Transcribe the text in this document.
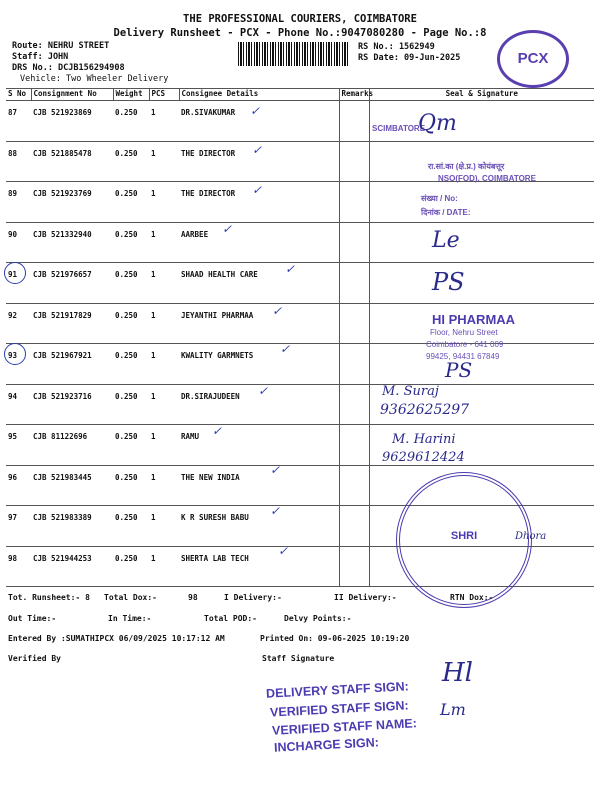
THE PROFESSIONAL COURIERS, COIMBATORE
Delivery Runsheet - PCX - Phone No.:9047080280 - Page No.:8
Route: NEHRU STREET
Staff: JOHN
DRS No.: DCJB156294908
Vehicle: Two Wheeler Delivery
RS No.: 1562949
RS Date: 09-Jun-2025	PCX
S No	Consignment No	Weight	PCS	Consignee Details	Remarks	Seal & Signature
87	CJB 521923869	0.250	1	DR.SIVAKUMAR		
88	CJB 521885478	0.250	1	THE DIRECTOR		
89	CJB 521923769	0.250	1	THE DIRECTOR		
90	CJB 521332940	0.250	1	AARBEE		
91	CJB 521976657	0.250	1	SHAAD HEALTH CARE		
92	CJB 521917829	0.250	1	JEYANTHI PHARMAA		
93	CJB 521967921	0.250	1	KWALITY GARMNETS		
94	CJB 521923716	0.250	1	DR.SIRAJUDEEN		
95	CJB 81122696	0.250	1	RAMU		
96	CJB 521983445	0.250	1	THE NEW INDIA		
97	CJB 521983389	0.250	1	K R SURESH BABU		
98	CJB 521944253	0.250	1	SHERTA LAB TECH		
✓
✓
✓
✓
✓
✓
✓
✓
✓
✓
✓
✓
SCIMBATORE
रा.सां.का (क्षे.प्र.) कोयंबत्तूर
NSO(FOD), COIMBATORE
संख्या / No:
दिनांक / DATE:
Qm
Le
PS
HI PHARMAA
Floor, Nehru Street
Coimbatore - 641 009
99425, 94431 67849
PS
M. Suraj
9362625297
M. Harini
9629612424
SHRI	Dhora
Tot. Runsheet:- 8 Total Dox:-	98	I Delivery:-	II Delivery:-	RTN Dox:-
Out Time:-	In Time:-	Total POD:-	Delvy Points:-
Entered By :SUMATHIPCX 06/09/2025 10:17:12 AM	Printed On: 09-06-2025 10:19:20
Verified By	Staff Signature
DELIVERY STAFF SIGN:
VERIFIED STAFF SIGN:
VERIFIED STAFF NAME:
INCHARGE SIGN:
Hl
Lm
